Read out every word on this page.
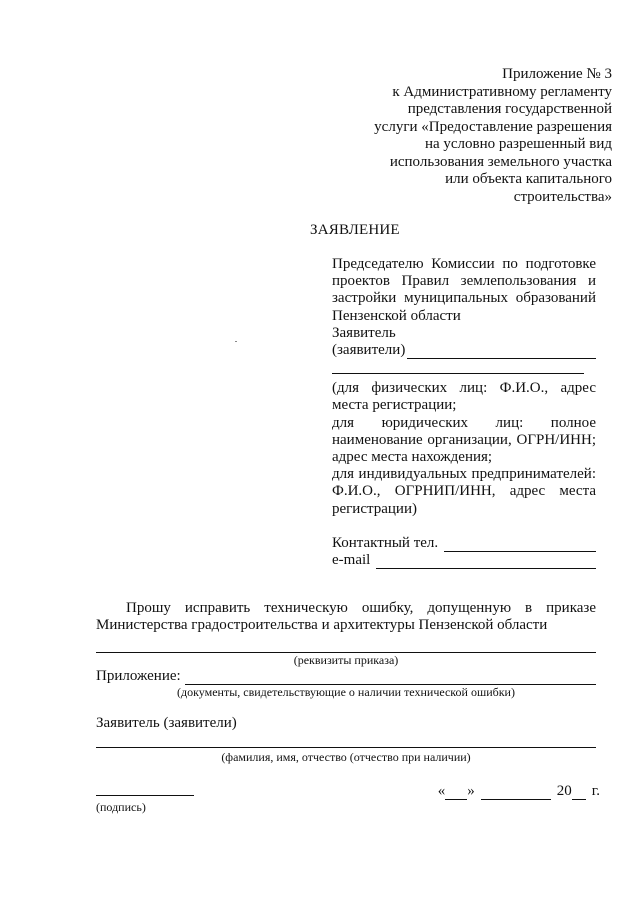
Приложение № 3
к Административному регламенту
представления государственной
услуги «Предоставление разрешения
на условно разрешенный вид
использования земельного участка
или объекта капитального
строительства»
ЗАЯВЛЕНИЕ
Председателю Комиссии по подготовке
проектов Правил землепользования и
застройки муниципальных образований
Пензенской области
Заявитель
(заявители)
(для физических лиц: Ф.И.О., адрес
места регистрации;
для юридических лиц: полное
наименование организации, ОГРН/ИНН;
адрес места нахождения;
для индивидуальных предпринимателей:
Ф.И.О., ОГРНИП/ИНН, адрес места
регистрации)
Контактный тел.
e-mail
Прошу исправить техническую ошибку, допущенную в приказе
Министерства градостроительства и архитектуры Пензенской области
(реквизиты приказа)
Приложение:
(документы, свидетельствующие о наличии технической ошибки)
Заявитель (заявители)
(фамилия, имя, отчество (отчество при наличии)
(подпись)
« »	20 г.
